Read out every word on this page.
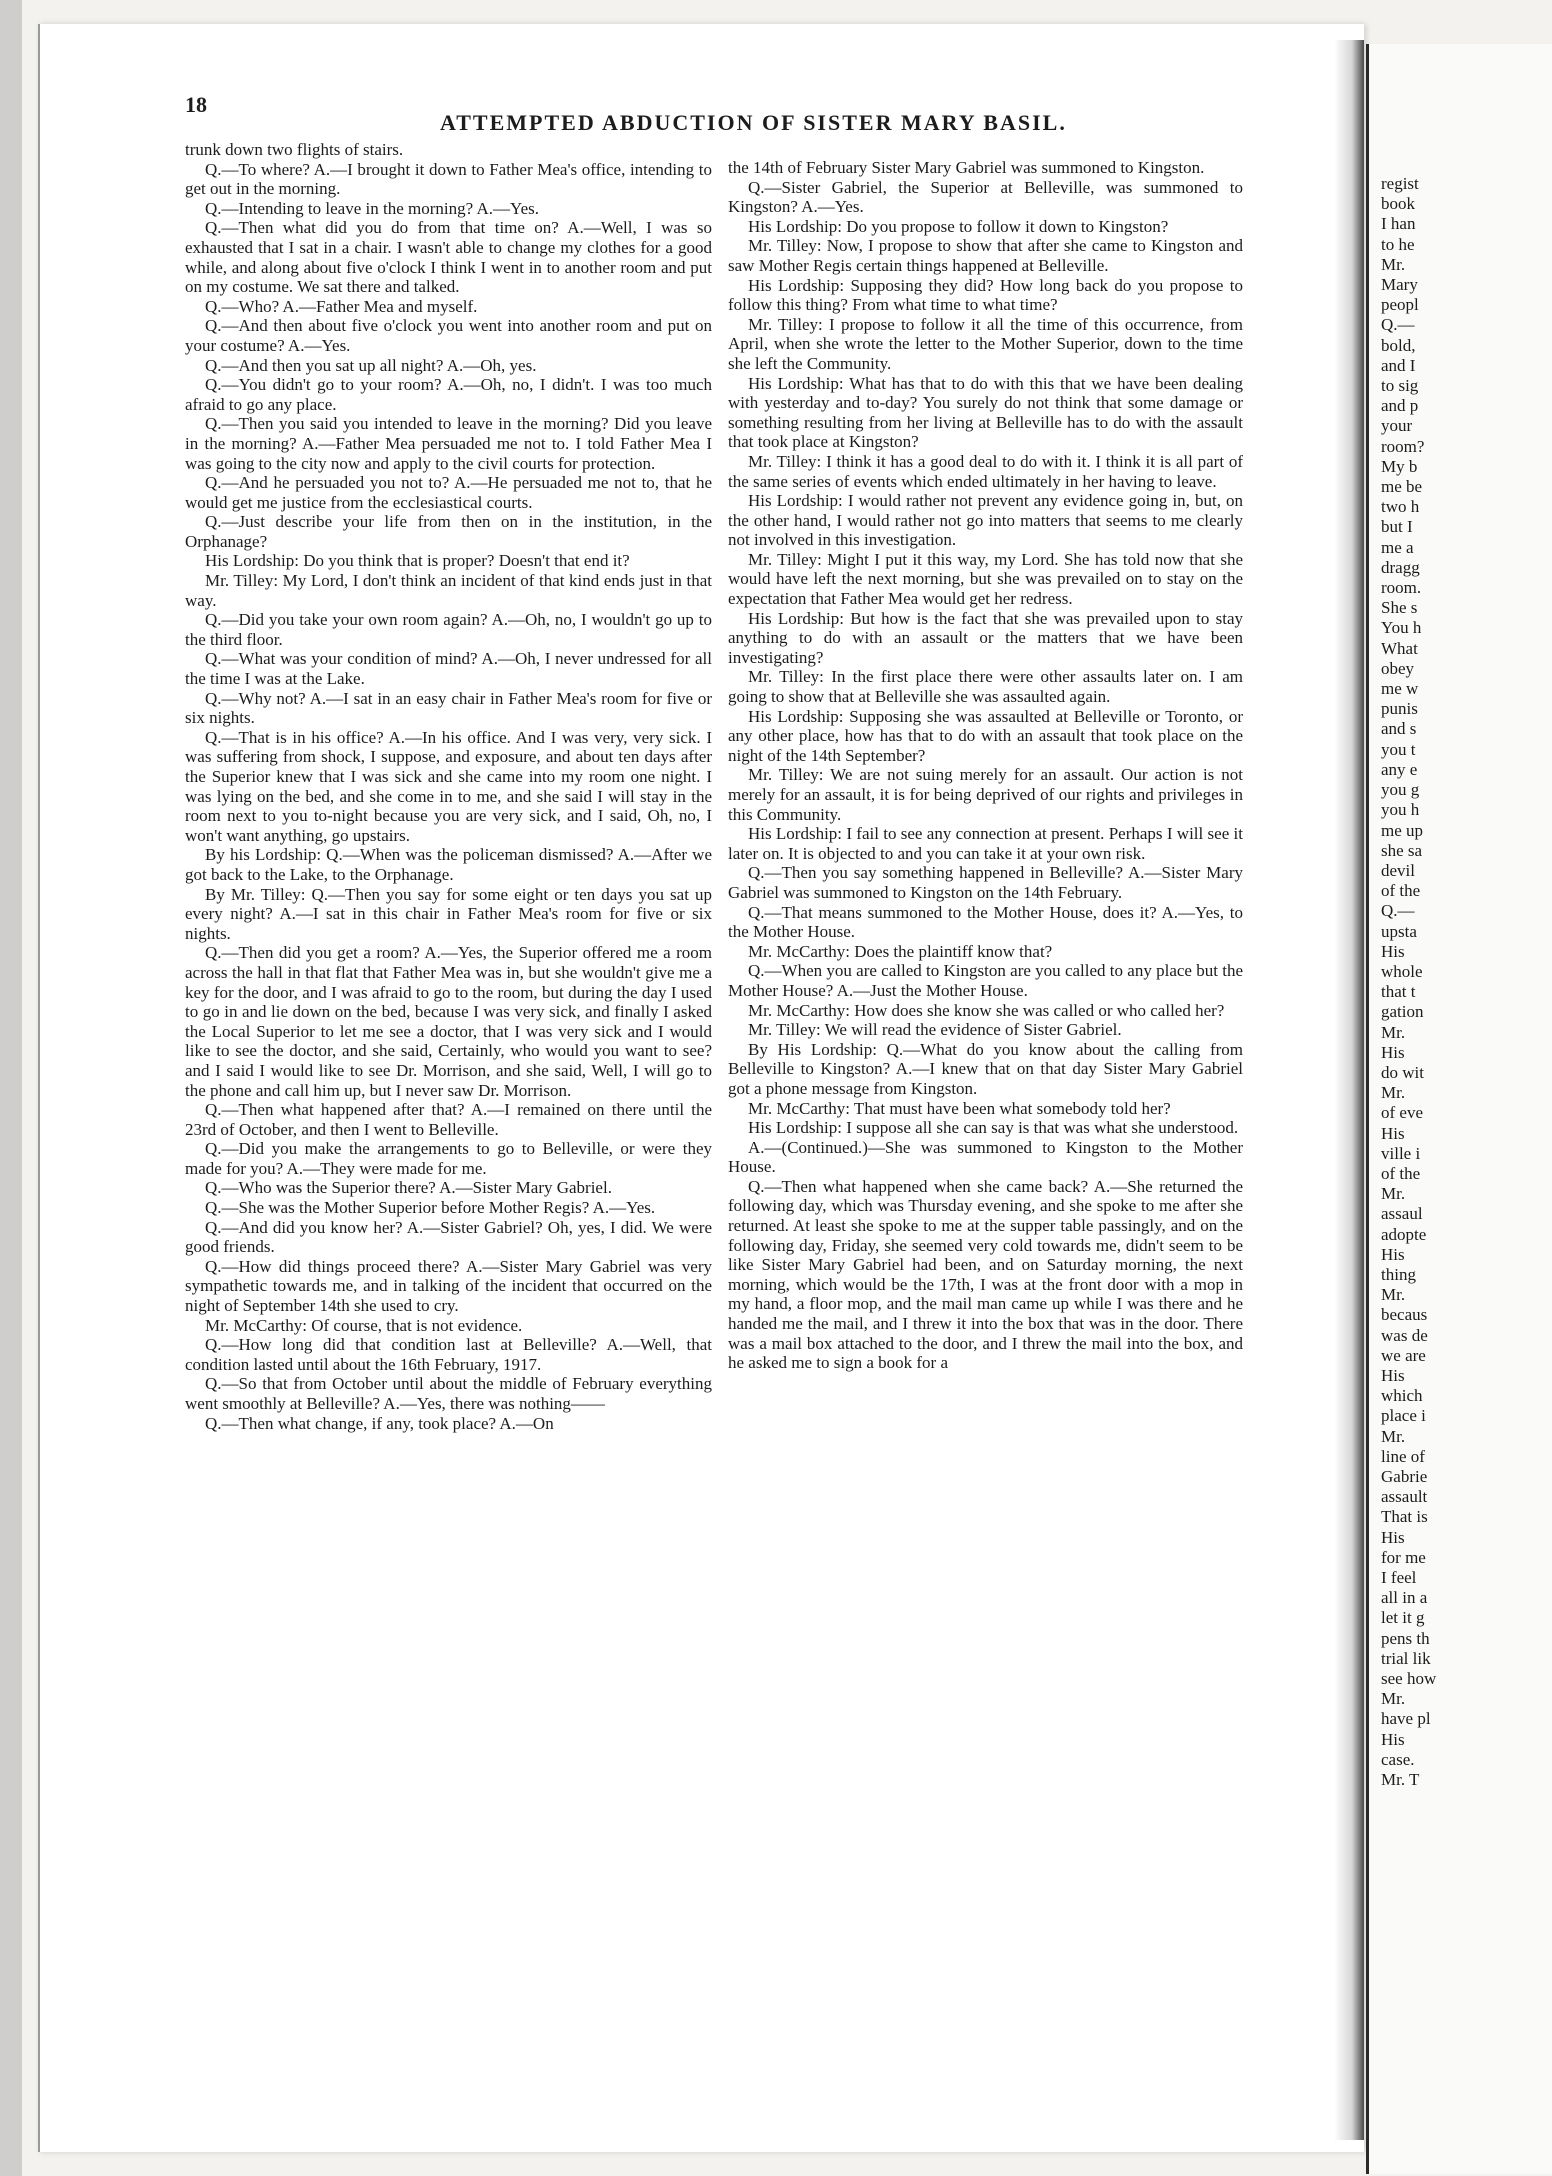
18
ATTEMPTED ABDUCTION OF SISTER MARY BASIL.

trunk down two flights of stairs.

Q.—To where? A.—I brought it down to Father Mea's office, intending to get out in the morning.

Q.—Intending to leave in the morning? A.—Yes.

Q.—Then what did you do from that time on? A.—Well, I was so exhausted that I sat in a chair. I wasn't able to change my clothes for a good while, and along about five o'clock I think I went in to another room and put on my costume. We sat there and talked.

Q.—Who? A.—Father Mea and myself.

Q.—And then about five o'clock you went into another room and put on your costume? A.—Yes.

Q.—And then you sat up all night? A.—Oh, yes.

Q.—You didn't go to your room? A.—Oh, no, I didn't. I was too much afraid to go any place.

Q.—Then you said you intended to leave in the morning? Did you leave in the morning? A.—Father Mea persuaded me not to. I told Father Mea I was going to the city now and apply to the civil courts for protection.

Q.—And he persuaded you not to? A.—He persuaded me not to, that he would get me justice from the ecclesiastical courts.

Q.—Just describe your life from then on in the institution, in the Orphanage?

His Lordship: Do you think that is proper? Doesn't that end it?

Mr. Tilley: My Lord, I don't think an incident of that kind ends just in that way.

Q.—Did you take your own room again? A.—Oh, no, I wouldn't go up to the third floor.

Q.—What was your condition of mind? A.—Oh, I never undressed for all the time I was at the Lake.

Q.—Why not? A.—I sat in an easy chair in Father Mea's room for five or six nights.

Q.—That is in his office? A.—In his office. And I was very, very sick. I was suffering from shock, I suppose, and exposure, and about ten days after the Superior knew that I was sick and she came into my room one night. I was lying on the bed, and she come in to me, and she said I will stay in the room next to you to-night because you are very sick, and I said, Oh, no, I won't want anything, go upstairs.

By his Lordship: Q.—When was the policeman dismissed? A.—After we got back to the Lake, to the Orphanage.

By Mr. Tilley: Q.—Then you say for some eight or ten days you sat up every night? A.—I sat in this chair in Father Mea's room for five or six nights.

Q.—Then did you get a room? A.—Yes, the Superior offered me a room across the hall in that flat that Father Mea was in, but she wouldn't give me a key for the door, and I was afraid to go to the room, but during the day I used to go in and lie down on the bed, because I was very sick, and finally I asked the Local Superior to let me see a doctor, that I was very sick and I would like to see the doctor, and she said, Certainly, who would you want to see? and I said I would like to see Dr. Morrison, and she said, Well, I will go to the phone and call him up, but I never saw Dr. Morrison.

Q.—Then what happened after that? A.—I remained on there until the 23rd of October, and then I went to Belleville.

Q.—Did you make the arrangements to go to Belleville, or were they made for you? A.—They were made for me.

Q.—Who was the Superior there? A.—Sister Mary Gabriel.

Q.—She was the Mother Superior before Mother Regis? A.—Yes.

Q.—And did you know her? A.—Sister Gabriel? Oh, yes, I did. We were good friends.

Q.—How did things proceed there? A.—Sister Mary Gabriel was very sympathetic towards me, and in talking of the incident that occurred on the night of September 14th she used to cry.

Mr. McCarthy: Of course, that is not evidence.

Q.—How long did that condition last at Belleville? A.—Well, that condition lasted until about the 16th February, 1917.

Q.—So that from October until about the middle of February everything went smoothly at Belleville? A.—Yes, there was nothing——

Q.—Then what change, if any, took place? A.—On

the 14th of February Sister Mary Gabriel was summoned to Kingston.

Q.—Sister Gabriel, the Superior at Belleville, was summoned to Kingston? A.—Yes.

His Lordship: Do you propose to follow it down to Kingston?

Mr. Tilley: Now, I propose to show that after she came to Kingston and saw Mother Regis certain things happened at Belleville.

His Lordship: Supposing they did? How long back do you propose to follow this thing? From what time to what time?

Mr. Tilley: I propose to follow it all the time of this occurrence, from April, when she wrote the letter to the Mother Superior, down to the time she left the Community.

His Lordship: What has that to do with this that we have been dealing with yesterday and to-day? You surely do not think that some damage or something resulting from her living at Belleville has to do with the assault that took place at Kingston?

Mr. Tilley: I think it has a good deal to do with it. I think it is all part of the same series of events which ended ultimately in her having to leave.

His Lordship: I would rather not prevent any evidence going in, but, on the other hand, I would rather not go into matters that seems to me clearly not involved in this investigation.

Mr. Tilley: Might I put it this way, my Lord. She has told now that she would have left the next morning, but she was prevailed on to stay on the expectation that Father Mea would get her redress.

His Lordship: But how is the fact that she was prevailed upon to stay anything to do with an assault or the matters that we have been investigating?

Mr. Tilley: In the first place there were other assaults later on. I am going to show that at Belleville she was assaulted again.

His Lordship: Supposing she was assaulted at Belleville or Toronto, or any other place, how has that to do with an assault that took place on the night of the 14th September?

Mr. Tilley: We are not suing merely for an assault. Our action is not merely for an assault, it is for being deprived of our rights and privileges in this Community.

His Lordship: I fail to see any connection at present. Perhaps I will see it later on. It is objected to and you can take it at your own risk.

Q.—Then you say something happened in Belleville? A.—Sister Mary Gabriel was summoned to Kingston on the 14th February.

Q.—That means summoned to the Mother House, does it? A.—Yes, to the Mother House.

Mr. McCarthy: Does the plaintiff know that?

Q.—When you are called to Kingston are you called to any place but the Mother House? A.—Just the Mother House.

Mr. McCarthy: How does she know she was called or who called her?

Mr. Tilley: We will read the evidence of Sister Gabriel.

By His Lordship: Q.—What do you know about the calling from Belleville to Kingston? A.—I knew that on that day Sister Mary Gabriel got a phone message from Kingston.

Mr. McCarthy: That must have been what somebody told her?

His Lordship: I suppose all she can say is that was what she understood.

A.—(Continued.)—She was summoned to Kingston to the Mother House.

Q.—Then what happened when she came back? A.—She returned the following day, which was Thursday evening, and she spoke to me after she returned. At least she spoke to me at the supper table passingly, and on the following day, Friday, she seemed very cold towards me, didn't seem to be like Sister Mary Gabriel had been, and on Saturday morning, the next morning, which would be the 17th, I was at the front door with a mop in my hand, a floor mop, and the mail man came up while I was there and he handed me the mail, and I threw it into the box that was in the door. There was a mail box attached to the door, and I threw the mail into the box, and he asked me to sign a book for a

regist
book
I han
to he
Mr.
Mary
peopl
Q.—
bold,
and I
to sig
and p
your
room?
My b
me be
two h
but I
me a
dragg
room.
She s
You h
What
obey
me w
punis
and s
you t
any e
you g
you h
me up
she sa
devil
of the
Q.—
upsta
His
whole
that t
gation
Mr.
His
do wit
Mr.
of eve
His
ville i
of the
Mr.
assaul
adopte
His
thing
Mr.
becaus
was de
we are
His
which
place i
Mr.
line of
Gabrie
assault
That is
His
for me
I feel
all in a
let it g
pens th
trial lik
see how
Mr.
have pl
His
case.
Mr. T
